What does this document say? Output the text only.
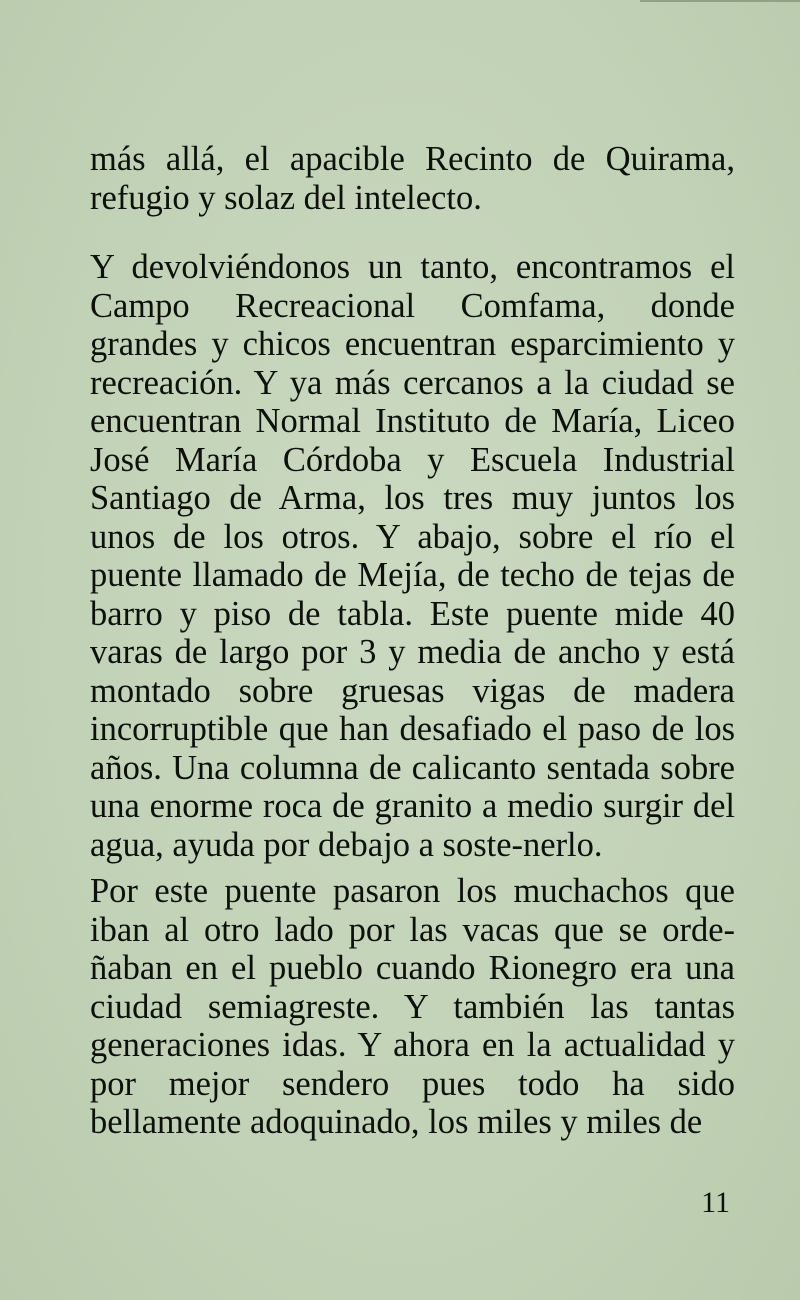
más allá, el apacible Recinto de Quirama, refugio y solaz del intelecto.

Y devolviéndonos un tanto, encontramos el Campo Recreacional Comfama, donde grandes y chicos encuentran esparcimiento y recreación. Y ya más cercanos a la ciudad se encuentran Normal Instituto de María, Liceo José María Córdoba y Escuela Industrial Santiago de Arma, los tres muy juntos los unos de los otros. Y abajo, sobre el río el puente llamado de Mejía, de techo de tejas de barro y piso de tabla. Este puente mide 40 varas de largo por 3 y media de ancho y está montado sobre gruesas vigas de madera incorruptible que han desafiado el paso de los años. Una columna de calicanto sentada sobre una enorme roca de granito a medio surgir del agua, ayuda por debajo a soste-nerlo.

Por este puente pasaron los muchachos que iban al otro lado por las vacas que se orde-ñaban en el pueblo cuando Rionegro era una ciudad semiagreste. Y también las tantas generaciones idas. Y ahora en la actualidad y por mejor sendero pues todo ha sido bellamente adoquinado, los miles y miles de

11
